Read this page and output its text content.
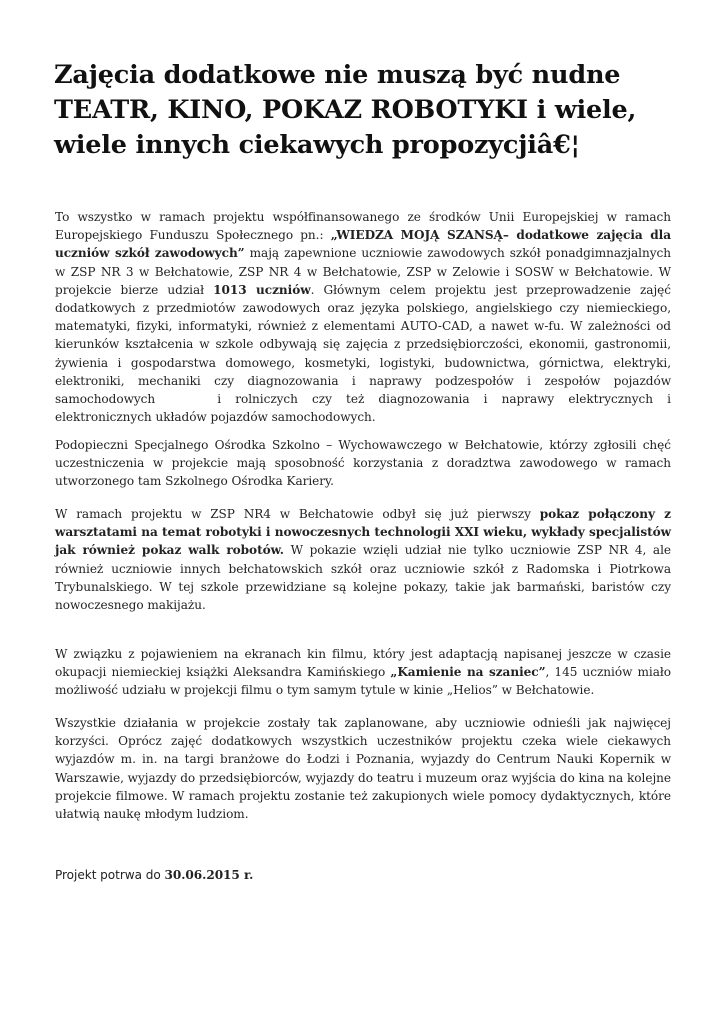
Zajęcia dodatkowe nie muszą być nudne
TEATR, KINO, POKAZ ROBOTYKI i wiele,
wiele innych ciekawych propozycjiâ€¦

To wszystko w ramach projektu współfinansowanego ze środków Unii Europejskiej w ramach Europejskiego Funduszu Społecznego pn.: „WIEDZA MOJĄ SZANSĄ– dodatkowe zajęcia dla uczniów szkół zawodowych” mają zapewnione uczniowie zawodowych szkół ponadgimnazjalnych w ZSP NR 3 w Bełchatowie, ZSP NR 4 w Bełchatowie, ZSP w Zelowie i SOSW w Bełchatowie. W projekcie bierze udział 1013 uczniów. Głównym celem projektu jest przeprowadzenie zajęć dodatkowych z przedmiotów zawodowych oraz języka polskiego, angielskiego czy niemieckiego, matematyki, fizyki, informatyki, również z elementami AUTO-CAD, a nawet w-fu. W zależności od kierunków kształcenia w szkole odbywają się zajęcia z przedsiębiorczości, ekonomii, gastronomii, żywienia i gospodarstwa domowego, kosmetyki, logistyki, budownictwa, górnictwa, elektryki, elektroniki, mechaniki czy diagnozowania i naprawy podzespołów i zespołów pojazdów samochodowych	i rolniczych czy też diagnozowania i naprawy elektrycznych i elektronicznych układów pojazdów samochodowych.

Podopieczni Specjalnego Ośrodka Szkolno – Wychowawczego w Bełchatowie, którzy zgłosili chęć uczestniczenia w projekcie mają sposobność korzystania z doradztwa zawodowego w ramach utworzonego tam Szkolnego Ośrodka Kariery.

W ramach projektu w ZSP NR4 w Bełchatowie odbył się już pierwszy pokaz połączony z warsztatami na temat robotyki i nowoczesnych technologii XXI wieku, wykłady specjalistów jak również pokaz walk robotów. W pokazie wzięli udział nie tylko uczniowie ZSP NR 4, ale również uczniowie innych bełchatowskich szkół oraz uczniowie szkół z Radomska i Piotrkowa Trybunalskiego. W tej szkole przewidziane są kolejne pokazy, takie jak barmański, baristów czy nowoczesnego makijażu.

W związku z pojawieniem na ekranach kin filmu, który jest adaptacją napisanej jeszcze w czasie okupacji niemieckiej książki Aleksandra Kamińskiego „Kamienie na szaniec”, 145 uczniów miało możliwość udziału w projekcji filmu o tym samym tytule w kinie „Helios” w Bełchatowie.

Wszystkie działania w projekcie zostały tak zaplanowane, aby uczniowie odnieśli jak najwięcej korzyści. Oprócz zajęć dodatkowych wszystkich uczestników projektu czeka wiele ciekawych wyjazdów m. in. na targi branżowe do Łodzi i Poznania, wyjazdy do Centrum Nauki Kopernik w Warszawie, wyjazdy do przedsiębiorców, wyjazdy do teatru i muzeum oraz wyjścia do kina na kolejne projekcie filmowe. W ramach projektu zostanie też zakupionych wiele pomocy dydaktycznych, które ułatwią naukę młodym ludziom.

Projekt potrwa do 30.06.2015 r.
